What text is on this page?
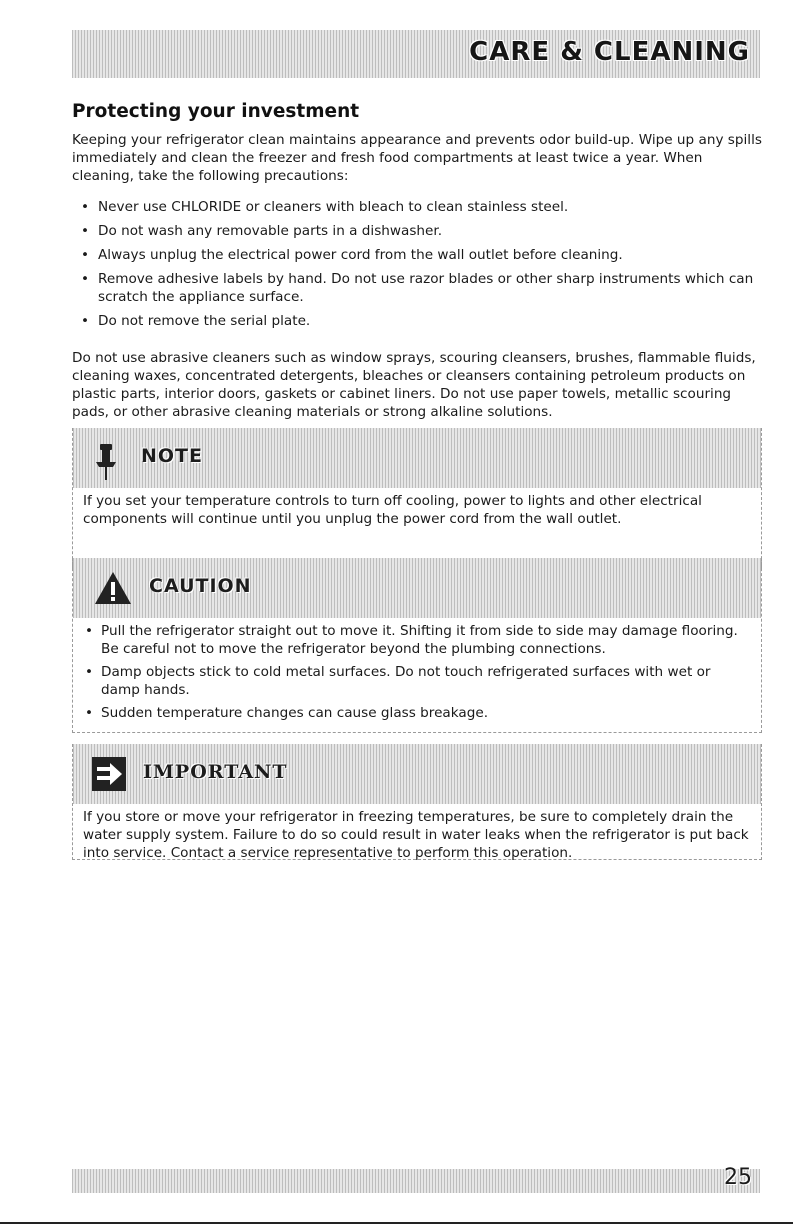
CARE & CLEANING
Protecting your investment
Keeping your refrigerator clean maintains appearance and prevents odor build-up. Wipe up any spills immediately and clean the freezer and fresh food compartments at least twice a year. When cleaning, take the following precautions:
• Never use CHLORIDE or cleaners with bleach to clean stainless steel.
• Do not wash any removable parts in a dishwasher.
• Always unplug the electrical power cord from the wall outlet before cleaning.
• Remove adhesive labels by hand. Do not use razor blades or other sharp instruments which can scratch the appliance surface.
• Do not remove the serial plate.
Do not use abrasive cleaners such as window sprays, scouring cleansers, brushes, flammable fluids, cleaning waxes, concentrated detergents, bleaches or cleansers containing petroleum products on plastic parts, interior doors, gaskets or cabinet liners. Do not use paper towels, metallic scouring pads, or other abrasive cleaning materials or strong alkaline solutions.
NOTE
If you set your temperature controls to turn off cooling, power to lights and other electrical components will continue until you unplug the power cord from the wall outlet.
CAUTION
• Pull the refrigerator straight out to move it. Shifting it from side to side may damage flooring. Be careful not to move the refrigerator beyond the plumbing connections.
• Damp objects stick to cold metal surfaces. Do not touch refrigerated surfaces with wet or damp hands.
• Sudden temperature changes can cause glass breakage.
IMPORTANT
If you store or move your refrigerator in freezing temperatures, be sure to completely drain the water supply system. Failure to do so could result in water leaks when the refrigerator is put back into service. Contact a service representative to perform this operation.
25
